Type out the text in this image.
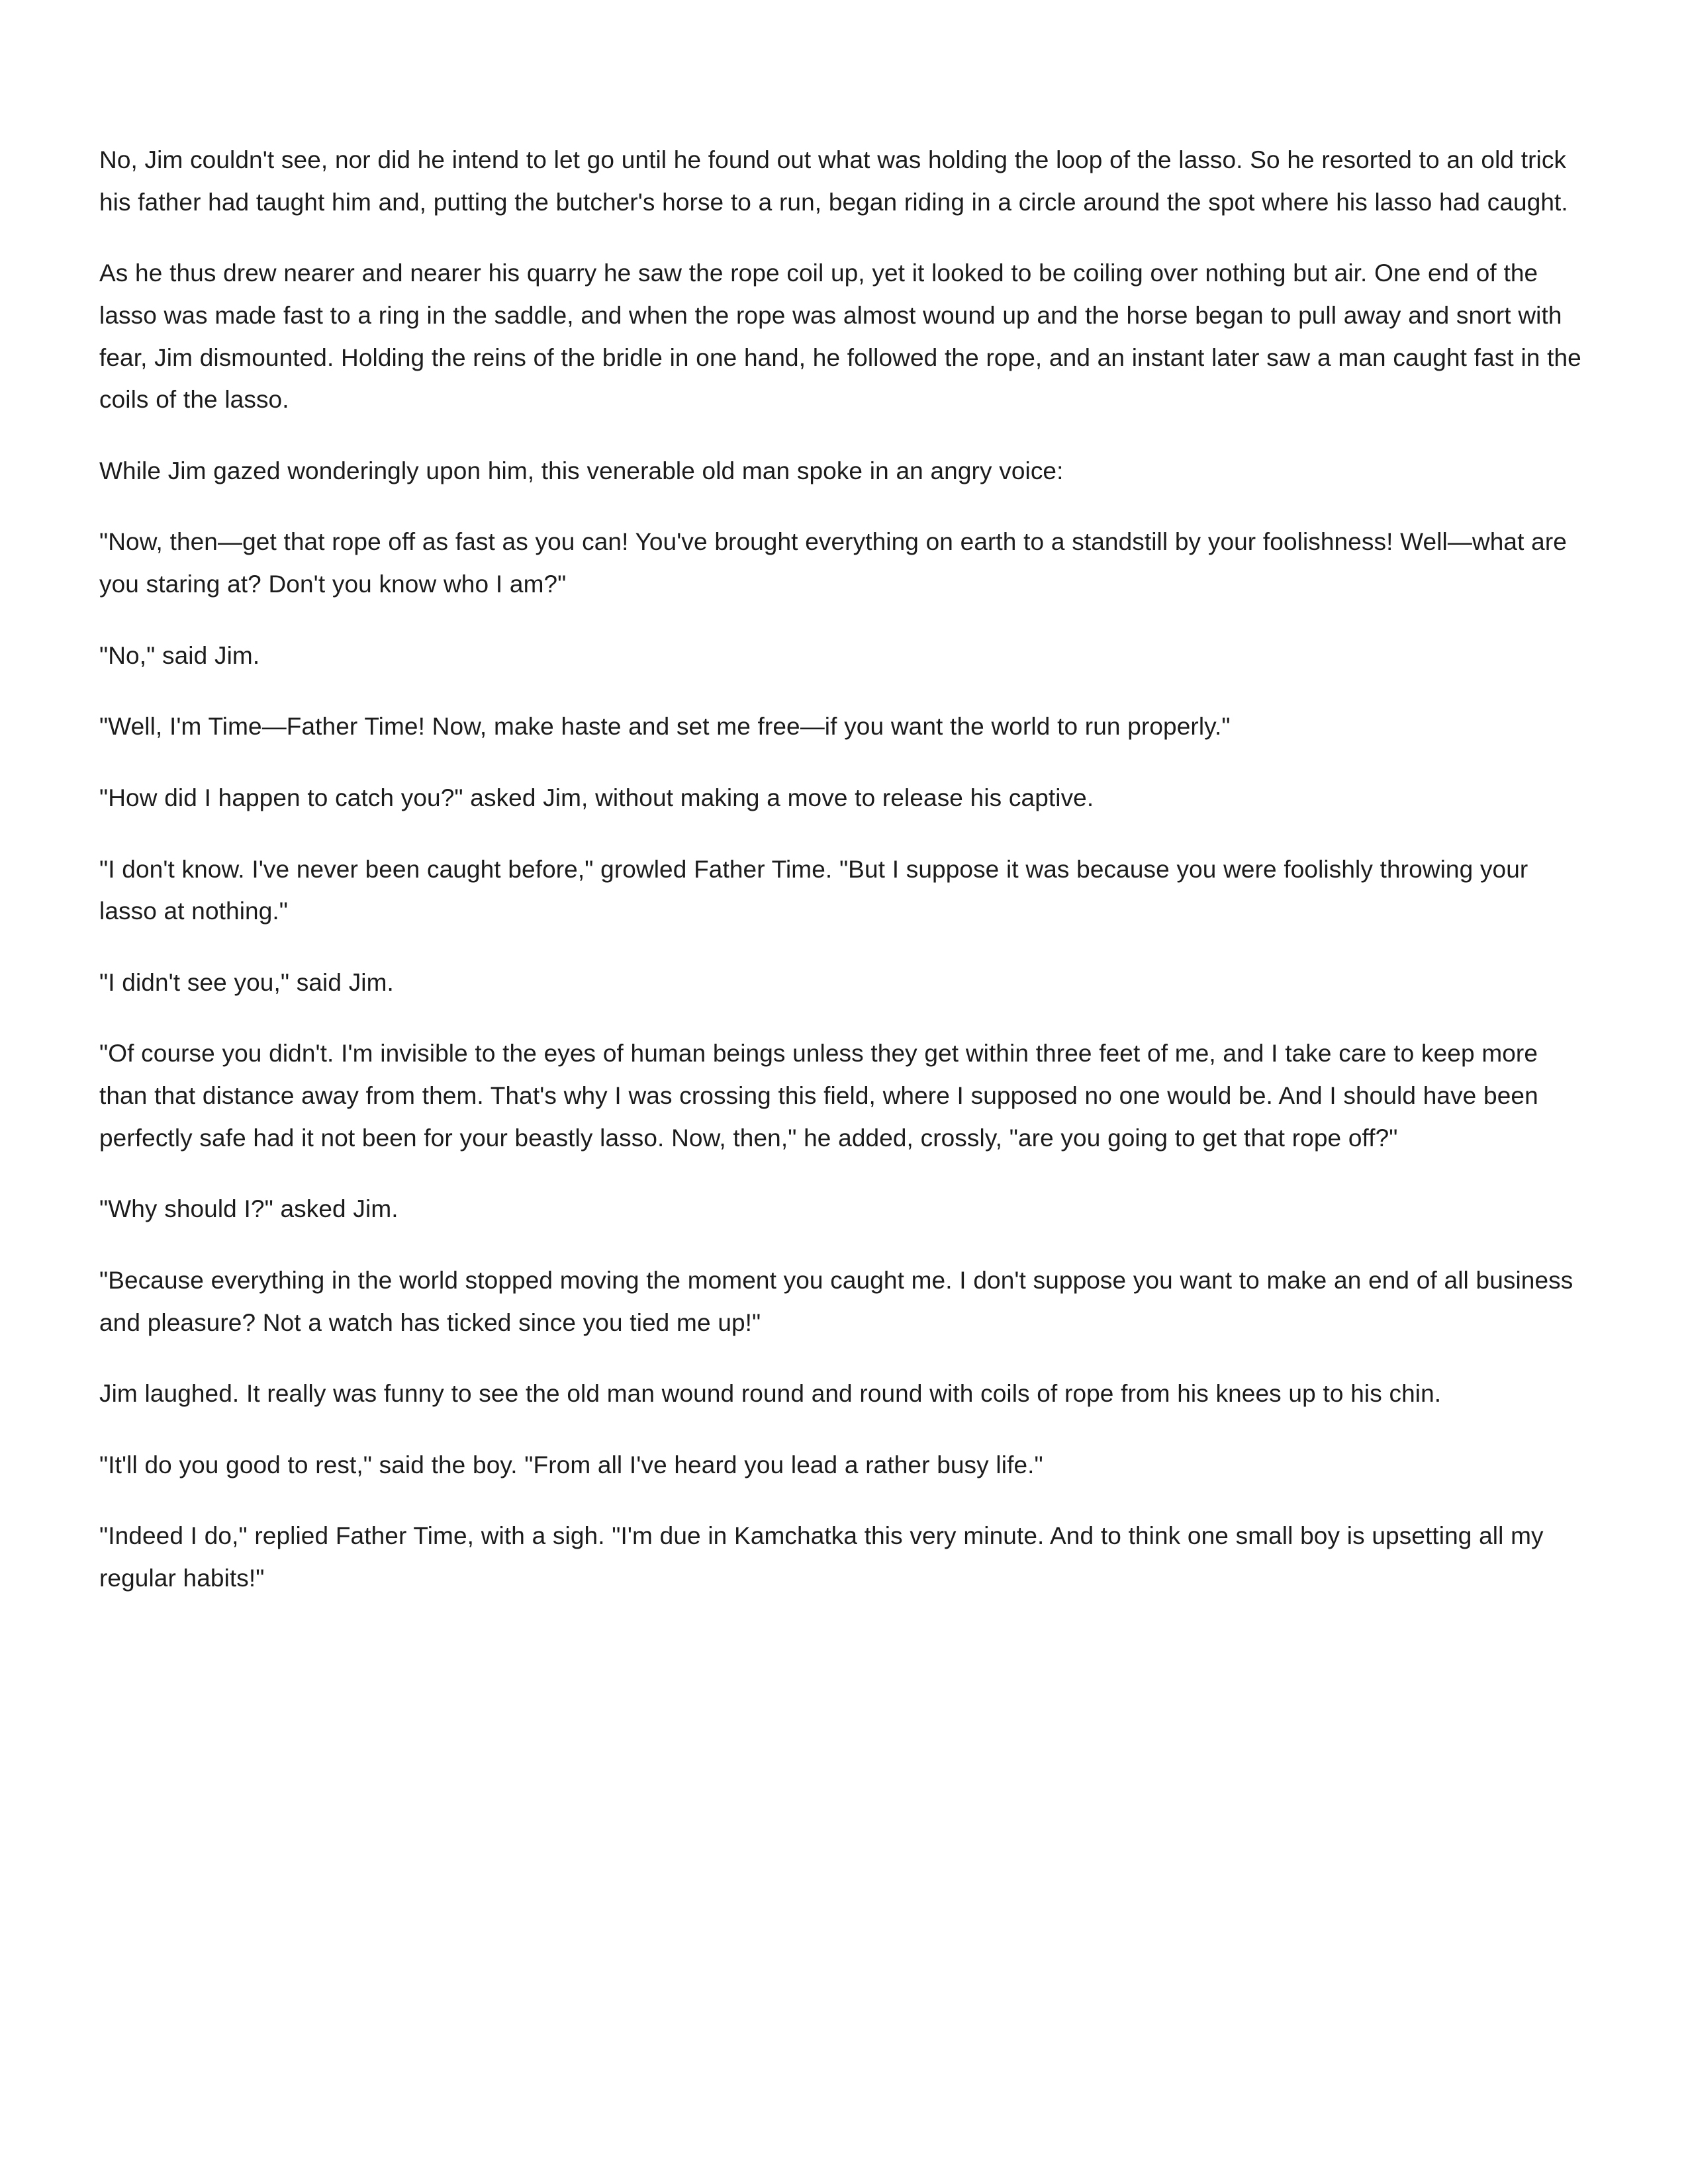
No, Jim couldn't see, nor did he intend to let go until he found out what was holding the loop of the lasso. So he resorted to an old trick his father had taught him and, putting the butcher's horse to a run, began riding in a circle around the spot where his lasso had caught.

As he thus drew nearer and nearer his quarry he saw the rope coil up, yet it looked to be coiling over nothing but air. One end of the lasso was made fast to a ring in the saddle, and when the rope was almost wound up and the horse began to pull away and snort with fear, Jim dismounted. Holding the reins of the bridle in one hand, he followed the rope, and an instant later saw a man caught fast in the coils of the lasso.

While Jim gazed wonderingly upon him, this venerable old man spoke in an angry voice:

"Now, then—get that rope off as fast as you can! You've brought everything on earth to a standstill by your foolishness! Well—what are you staring at? Don't you know who I am?"

"No," said Jim.

"Well, I'm Time—Father Time! Now, make haste and set me free—if you want the world to run properly."

"How did I happen to catch you?" asked Jim, without making a move to release his captive.

"I don't know. I've never been caught before," growled Father Time. "But I suppose it was because you were foolishly throwing your lasso at nothing."

"I didn't see you," said Jim.

"Of course you didn't. I'm invisible to the eyes of human beings unless they get within three feet of me, and I take care to keep more than that distance away from them. That's why I was crossing this field, where I supposed no one would be. And I should have been perfectly safe had it not been for your beastly lasso. Now, then," he added, crossly, "are you going to get that rope off?"

"Why should I?" asked Jim.

"Because everything in the world stopped moving the moment you caught me. I don't suppose you want to make an end of all business and pleasure? Not a watch has ticked since you tied me up!"

Jim laughed. It really was funny to see the old man wound round and round with coils of rope from his knees up to his chin.

"It'll do you good to rest," said the boy. "From all I've heard you lead a rather busy life."

"Indeed I do," replied Father Time, with a sigh. "I'm due in Kamchatka this very minute. And to think one small boy is upsetting all my regular habits!"
